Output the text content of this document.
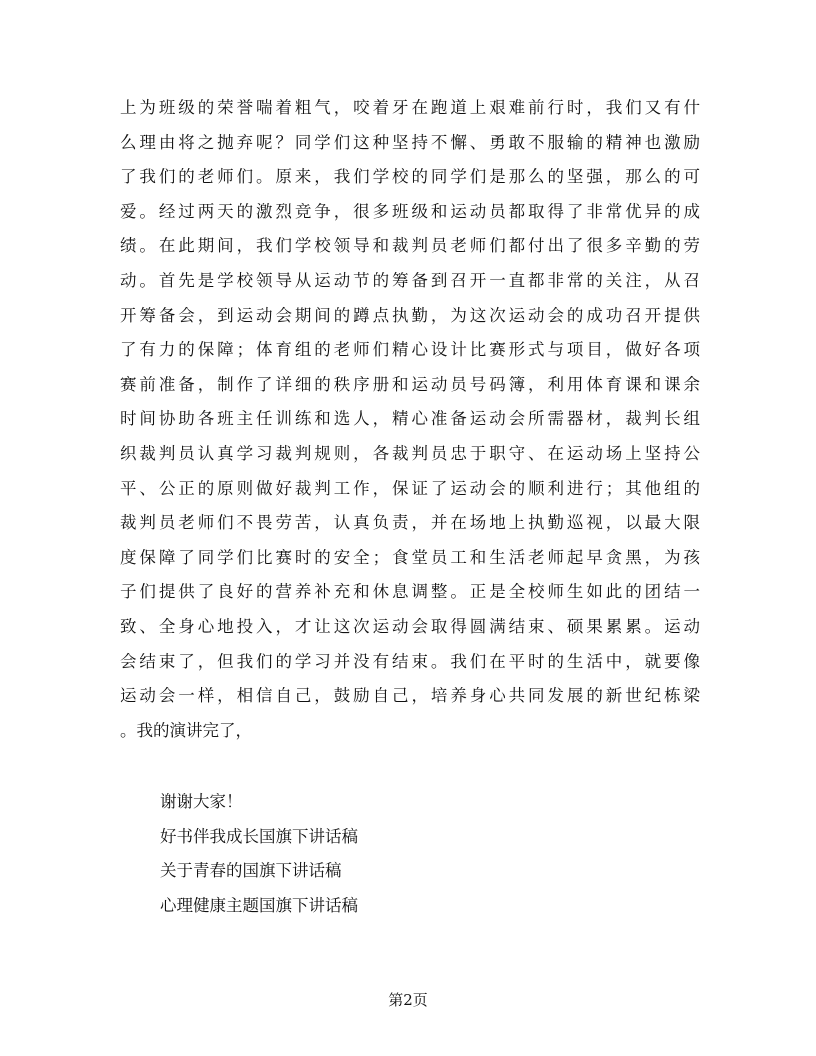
上为班级的荣誉喘着粗气，咬着牙在跑道上艰难前行时，我们又有什
么理由将之抛弃呢？同学们这种坚持不懈、勇敢不服输的精神也激励
了我们的老师们。原来，我们学校的同学们是那么的坚强，那么的可
爱。经过两天的激烈竞争，很多班级和运动员都取得了非常优异的成
绩。在此期间，我们学校领导和裁判员老师们都付出了很多辛勤的劳
动。首先是学校领导从运动节的筹备到召开一直都非常的关注，从召
开筹备会，到运动会期间的蹲点执勤，为这次运动会的成功召开提供
了有力的保障；体育组的老师们精心设计比赛形式与项目，做好各项
赛前准备，制作了详细的秩序册和运动员号码簿，利用体育课和课余
时间协助各班主任训练和选人，精心准备运动会所需器材，裁判长组
织裁判员认真学习裁判规则，各裁判员忠于职守、在运动场上坚持公
平、公正的原则做好裁判工作，保证了运动会的顺利进行；其他组的
裁判员老师们不畏劳苦，认真负责，并在场地上执勤巡视，以最大限
度保障了同学们比赛时的安全；食堂员工和生活老师起早贪黑，为孩
子们提供了良好的营养补充和休息调整。正是全校师生如此的团结一
致、全身心地投入，才让这次运动会取得圆满结束、硕果累累。运动
会结束了，但我们的学习并没有结束。我们在平时的生活中，就要像
运动会一样，相信自己，鼓励自己，培养身心共同发展的新世纪栋梁
。我的演讲完了，
谢谢大家！
好书伴我成长国旗下讲话稿
关于青春的国旗下讲话稿
心理健康主题国旗下讲话稿
第2页
